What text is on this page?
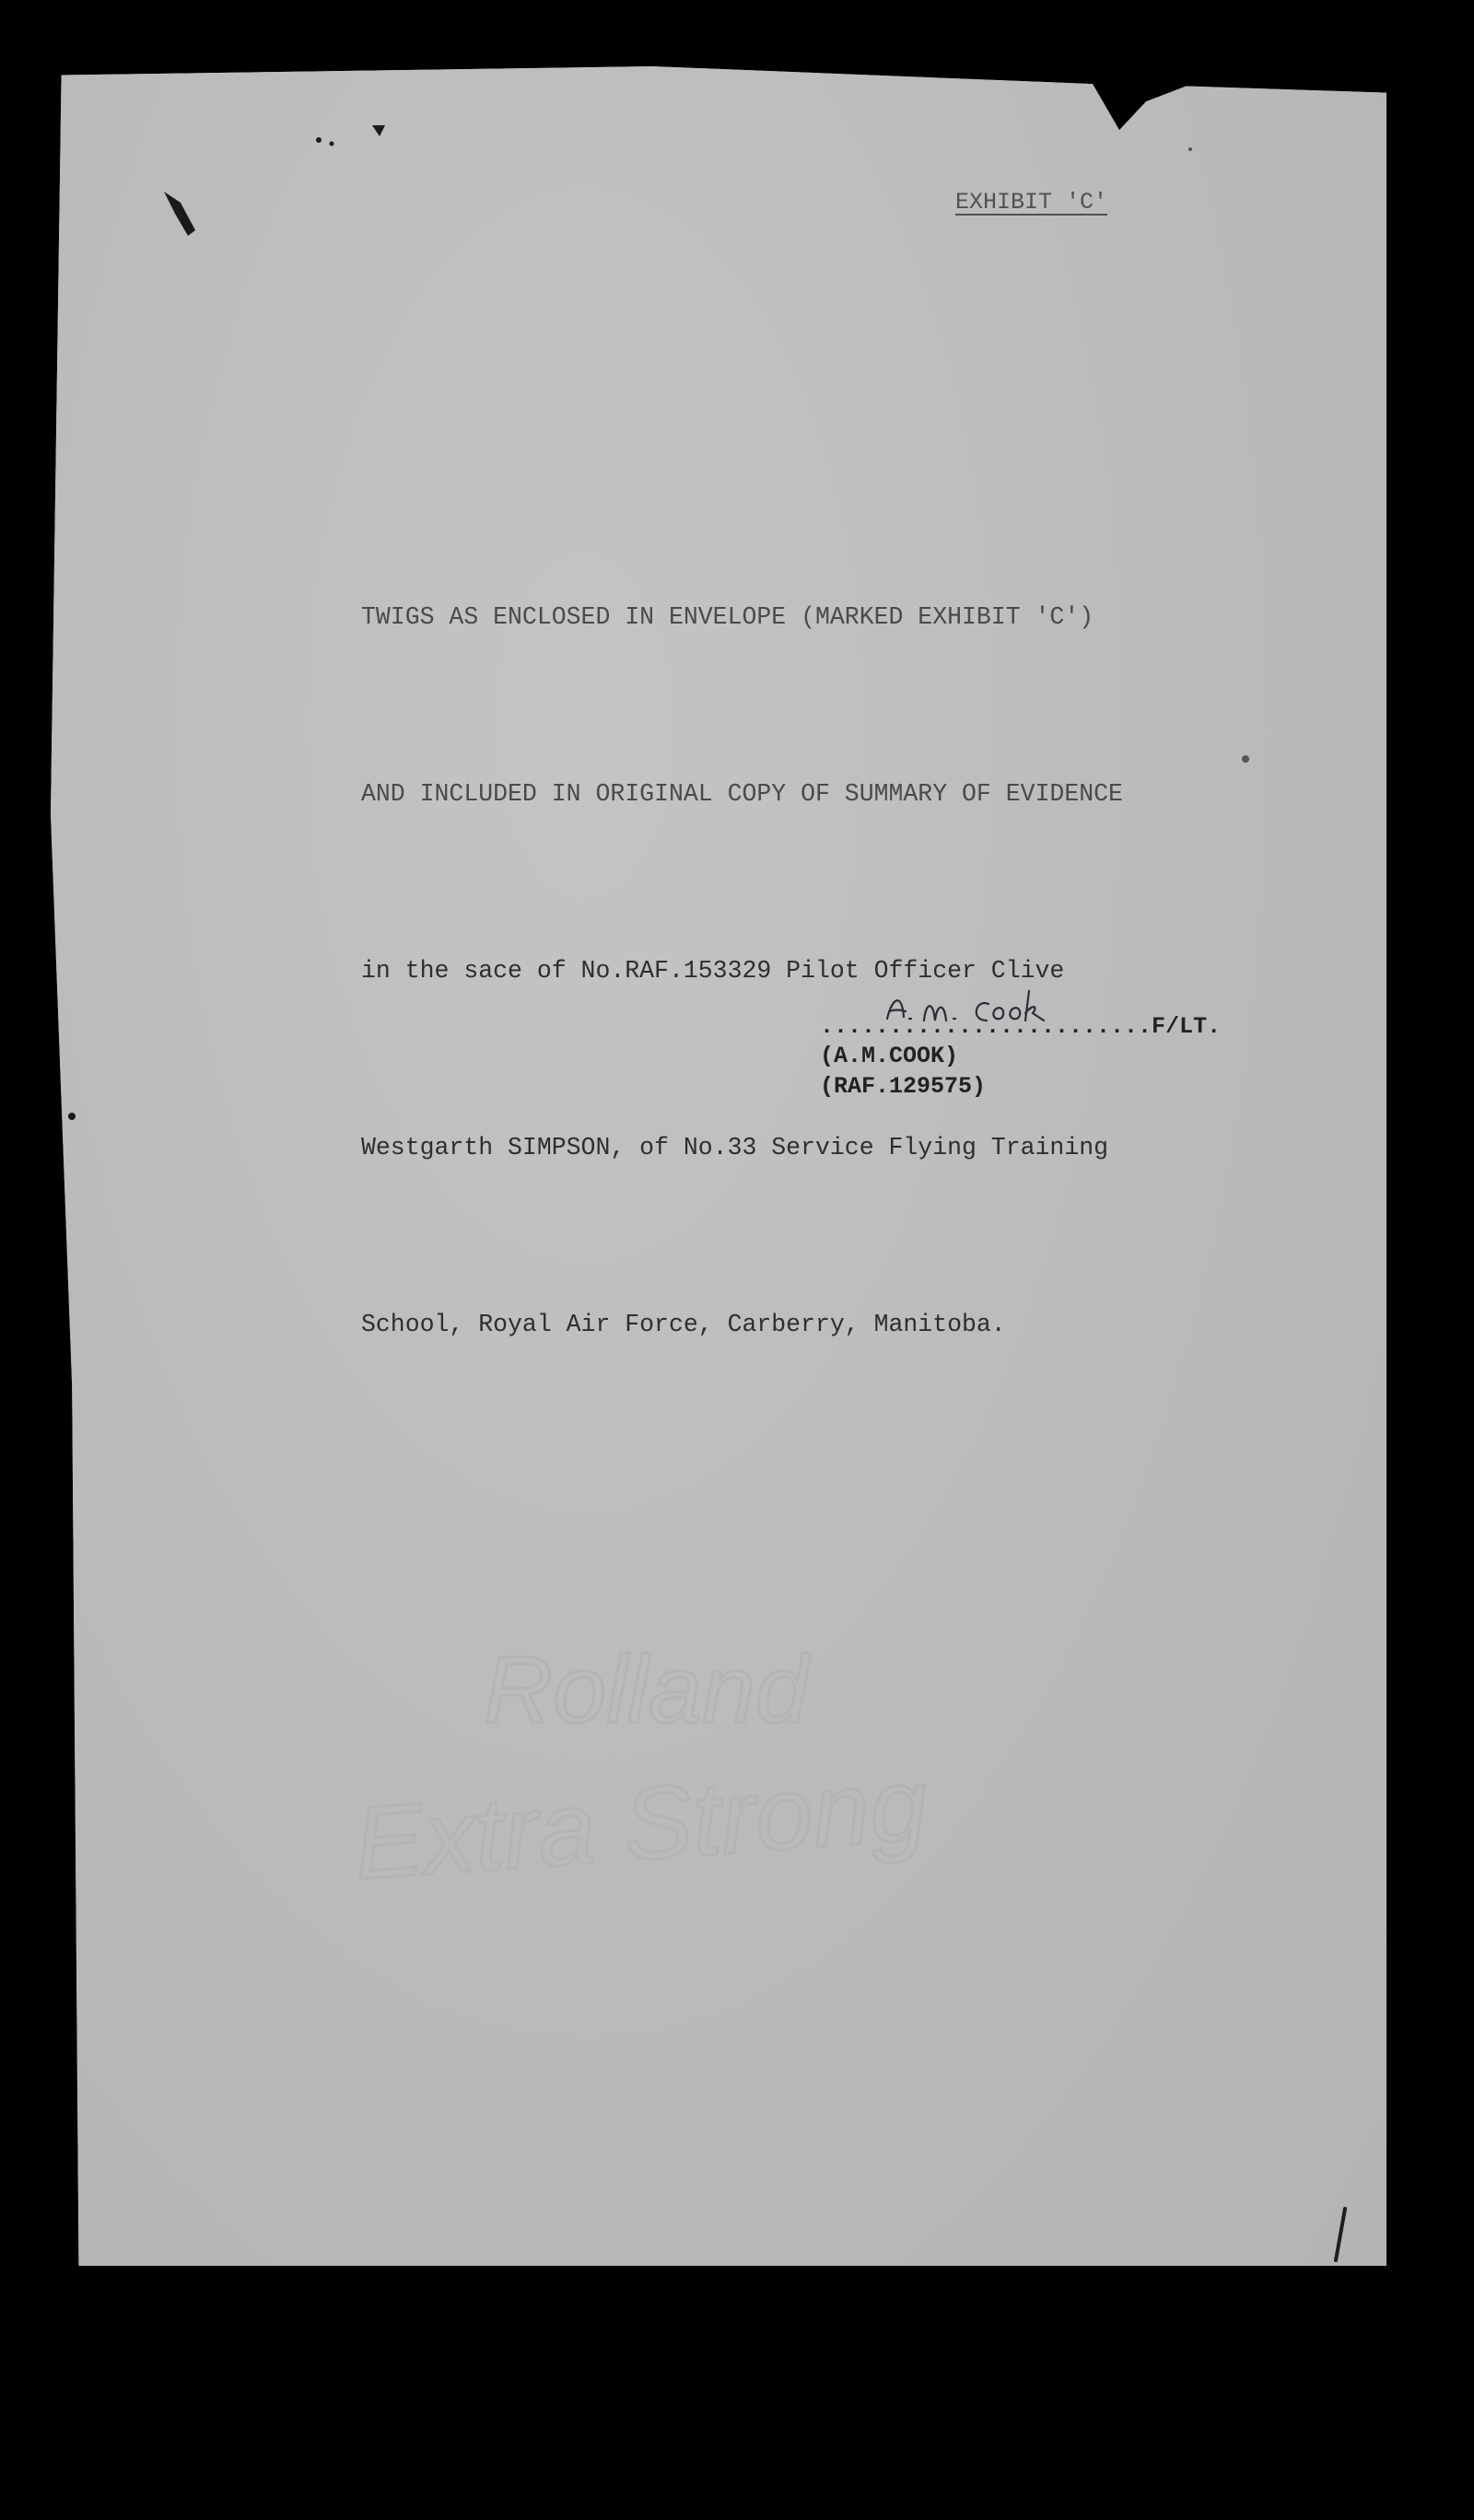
EXHIBIT 'C'

TWIGS AS ENCLOSED IN ENVELOPE (MARKED EXHIBIT 'C')

AND INCLUDED IN ORIGINAL COPY OF SUMMARY OF EVIDENCE

in the sace of No.RAF.153329 Pilot Officer Clive

Westgarth SIMPSON, of No.33 Service Flying Training

School, Royal Air Force, Carberry, Manitoba.

........................F/LT.
(A.M.COOK)
(RAF.129575)
Rolland
Extra Strong
